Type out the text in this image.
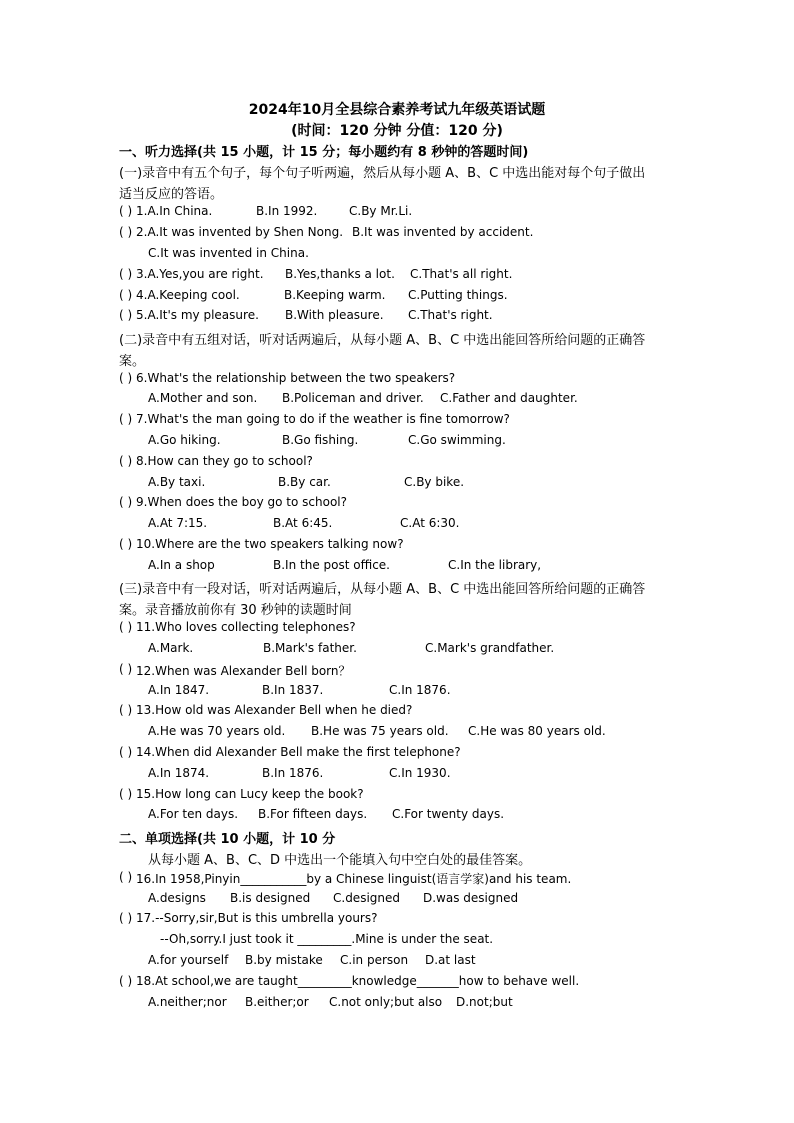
2024年10月全县综合素养考试九年级英语试题
(时间：120 分钟 分值：120 分)
一、听力选择(共 15 小题，计 15 分；每小题约有 8 秒钟的答题时间)
(一)录音中有五个句子，每个句子听两遍，然后从每小题 A、B、C 中选出能对每个句子做出
适当反应的答语。
( ) 1.A.In China.	B.In 1992.	C.By Mr.Li.
( ) 2.A.It was invented by Shen Nong. B.It was invented by accident.
C.It was invented in China.
( ) 3.A.Yes,you are right. B.Yes,thanks a lot. C.That's all right.
( ) 4.A.Keeping cool.	B.Keeping warm. C.Putting things.
( ) 5.A.It's my pleasure. B.With pleasure. C.That's right.
(二)录音中有五组对话，听对话两遍后，从每小题 A、B、C 中选出能回答所给问题的正确答
案。
( ) 6.What's the relationship between the two speakers?
A.Mother and son. B.Policeman and driver. C.Father and daughter.
( ) 7.What's the man going to do if the weather is fine tomorrow?
A.Go hiking.	B.Go fishing.	C.Go swimming.
( ) 8.How can they go to school?
A.By taxi.	B.By car.	C.By bike.
( ) 9.When does the boy go to school?
A.At 7:15.	B.At 6:45.	C.At 6:30.
( ) 10.Where are the two speakers talking now?
A.In a shop	B.In the post office.	C.In the library,
(三)录音中有一段对话，听对话两遍后，从每小题 A、B、C 中选出能回答所给问题的正确答
案。录音播放前你有 30 秒钟的读题时间
( ) 11.Who loves collecting telephones?
A.Mark.	B.Mark's father.	C.Mark's grandfather.
( ) 12.When was Alexander Bell born？
A.In 1847.	B.In 1837.	C.In 1876.
( ) 13.How old was Alexander Bell when he died?
A.He was 70 years old. B.He was 75 years old. C.He was 80 years old.
( ) 14.When did Alexander Bell make the first telephone?
A.In 1874.	B.In 1876.	C.In 1930.
( ) 15.How long can Lucy keep the book?
A.For ten days. B.For fifteen days. C.For twenty days.
二、单项选择(共 10 小题，计 10 分
从每小题 A、B、C、D 中选出一个能填入句中空白处的最佳答案。
( ) 16.In 1958,Pinyin___________by a Chinese linguist(语言学家)and his team.
A.designs B.is designed C.designed D.was designed
( ) 17.--Sorry,sir,But is this umbrella yours?
--Oh,sorry.I just took it _________.Mine is under the seat.
A.for yourself B.by mistake C.in person D.at last
( ) 18.At school,we are taught_________knowledge_______how to behave well.
A.neither;nor B.either;or C.not only;but also D.not;but
